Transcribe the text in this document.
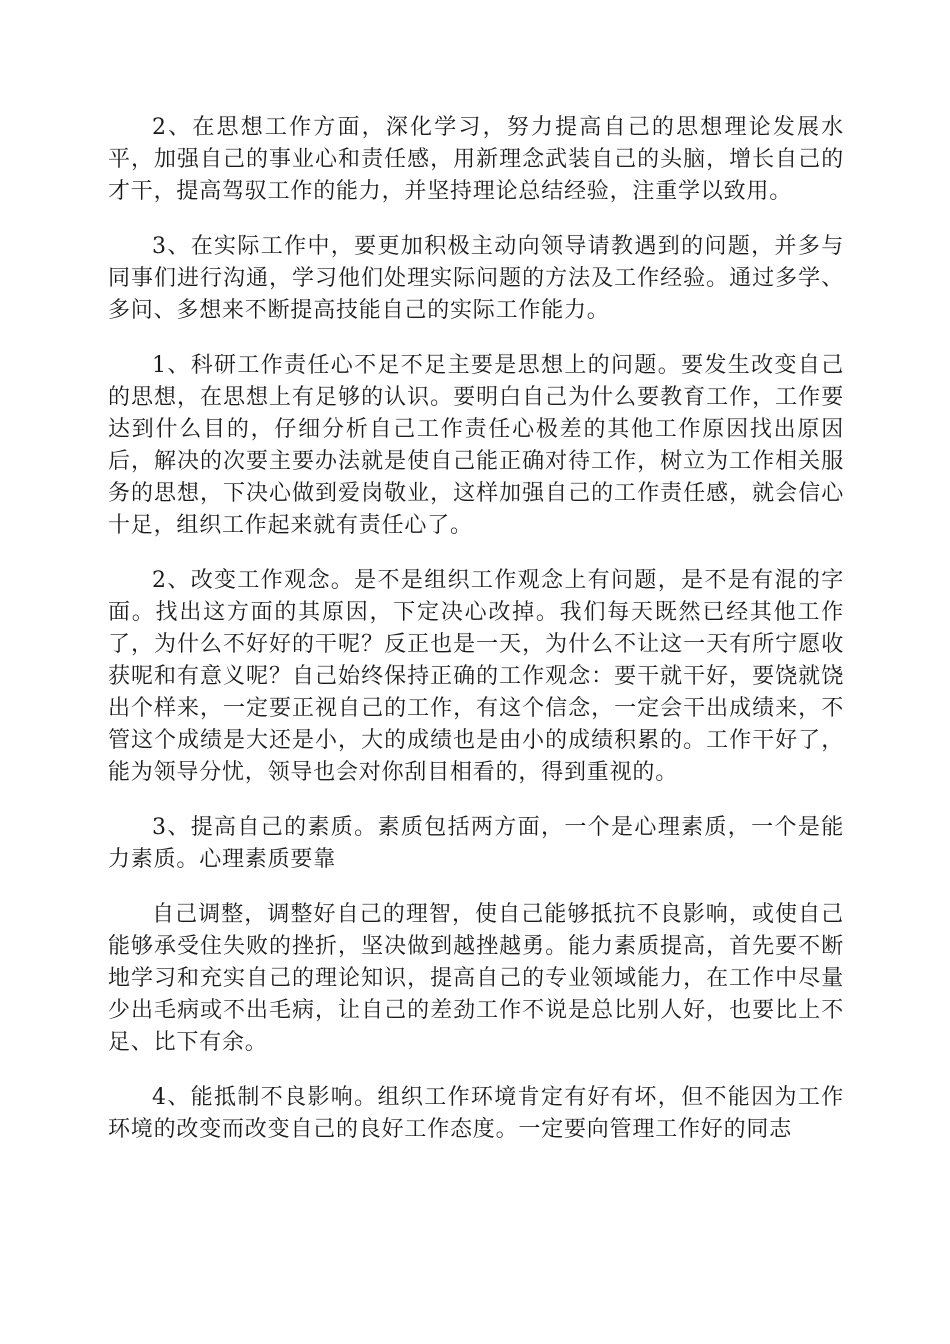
2、在思想工作方面，深化学习，努力提高自己的思想理论发展水平，加强自己的事业心和责任感，用新理念武装自己的头脑，增长自己的才干，提高驾驭工作的能力，并坚持理论总结经验，注重学以致用。

3、在实际工作中，要更加积极主动向领导请教遇到的问题，并多与同事们进行沟通，学习他们处理实际问题的方法及工作经验。通过多学、多问、多想来不断提高技能自己的实际工作能力。

1、科研工作责任心不足不足主要是思想上的问题。要发生改变自己的思想，在思想上有足够的认识。要明白自己为什么要教育工作，工作要达到什么目的，仔细分析自己工作责任心极差的其他工作原因找出原因后，解决的次要主要办法就是使自己能正确对待工作，树立为工作相关服务的思想，下决心做到爱岗敬业，这样加强自己的工作责任感，就会信心十足，组织工作起来就有责任心了。

2、改变工作观念。是不是组织工作观念上有问题，是不是有混的字面。找出这方面的其原因，下定决心改掉。我们每天既然已经其他工作了，为什么不好好的干呢？反正也是一天，为什么不让这一天有所宁愿收获呢和有意义呢？自己始终保持正确的工作观念：要干就干好，要饶就饶出个样来，一定要正视自己的工作，有这个信念，一定会干出成绩来，不管这个成绩是大还是小，大的成绩也是由小的成绩积累的。工作干好了，能为领导分忧，领导也会对你刮目相看的，得到重视的。

3、提高自己的素质。素质包括两方面，一个是心理素质，一个是能力素质。心理素质要靠

自己调整，调整好自己的理智，使自己能够抵抗不良影响，或使自己能够承受住失败的挫折，坚决做到越挫越勇。能力素质提高，首先要不断地学习和充实自己的理论知识，提高自己的专业领域能力，在工作中尽量少出毛病或不出毛病，让自己的差劲工作不说是总比别人好，也要比上不足、比下有余。

4、能抵制不良影响。组织工作环境肯定有好有坏，但不能因为工作环境的改变而改变自己的良好工作态度。一定要向管理工作好的同志
